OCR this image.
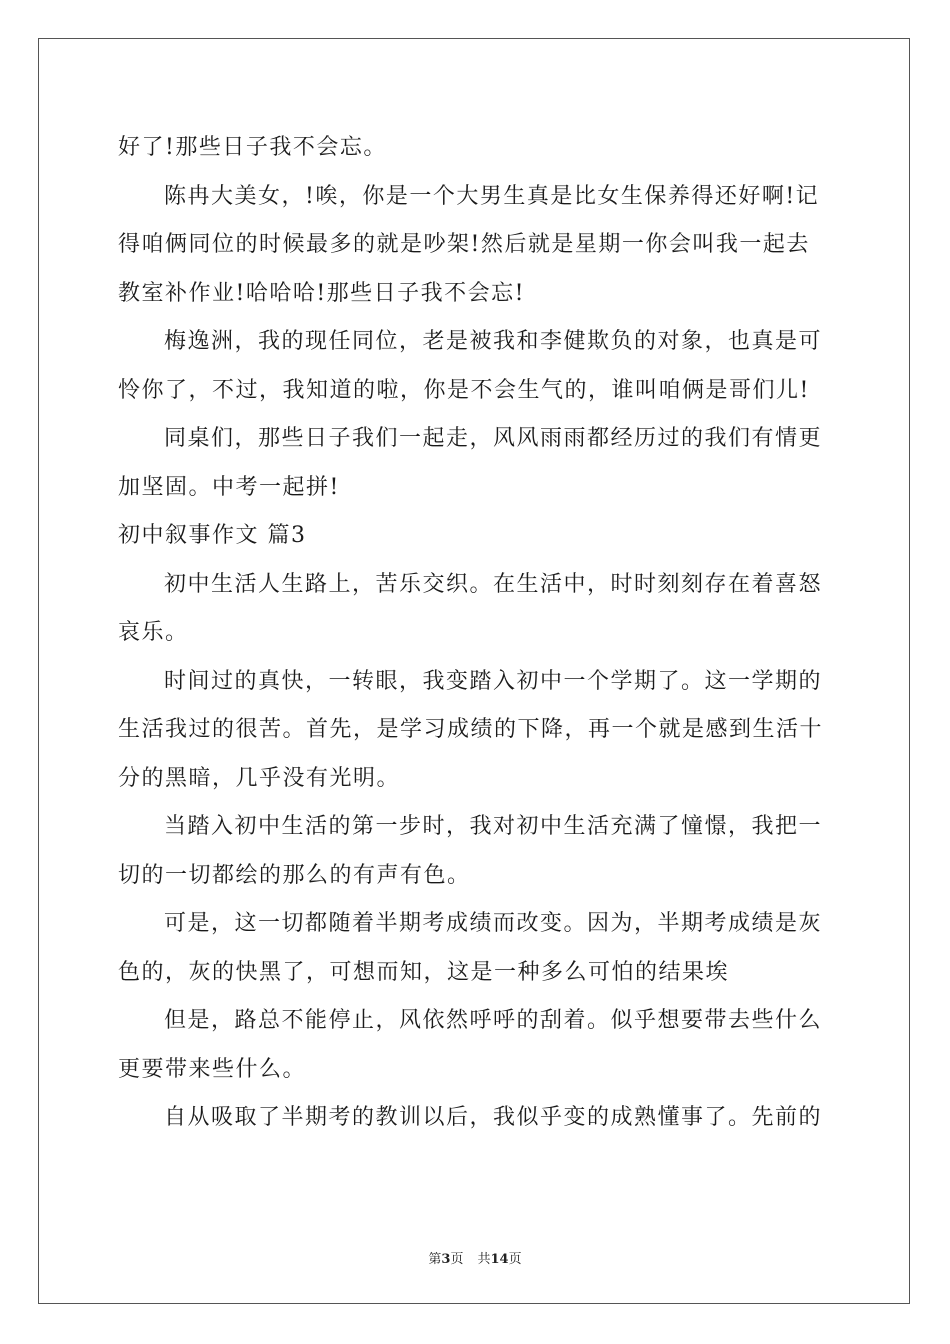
好了!那些日子我不会忘。
陈冉大美女，!唉，你是一个大男生真是比女生保养得还好啊!记
得咱俩同位的时候最多的就是吵架!然后就是星期一你会叫我一起去
教室补作业!哈哈哈!那些日子我不会忘!
梅逸洲，我的现任同位，老是被我和李健欺负的对象，也真是可
怜你了，不过，我知道的啦，你是不会生气的，谁叫咱俩是哥们儿!
同桌们，那些日子我们一起走，风风雨雨都经历过的我们有情更
加坚固。中考一起拼!
初中叙事作文 篇3
初中生活人生路上，苦乐交织。在生活中，时时刻刻存在着喜怒
哀乐。
时间过的真快，一转眼，我变踏入初中一个学期了。这一学期的
生活我过的很苦。首先，是学习成绩的下降，再一个就是感到生活十
分的黑暗，几乎没有光明。
当踏入初中生活的第一步时，我对初中生活充满了憧憬，我把一
切的一切都绘的那么的有声有色。
可是，这一切都随着半期考成绩而改变。因为，半期考成绩是灰
色的，灰的快黑了，可想而知，这是一种多么可怕的结果埃
但是，路总不能停止，风依然呼呼的刮着。似乎想要带去些什么
更要带来些什么。
自从吸取了半期考的教训以后，我似乎变的成熟懂事了。先前的
第3页 共14页
